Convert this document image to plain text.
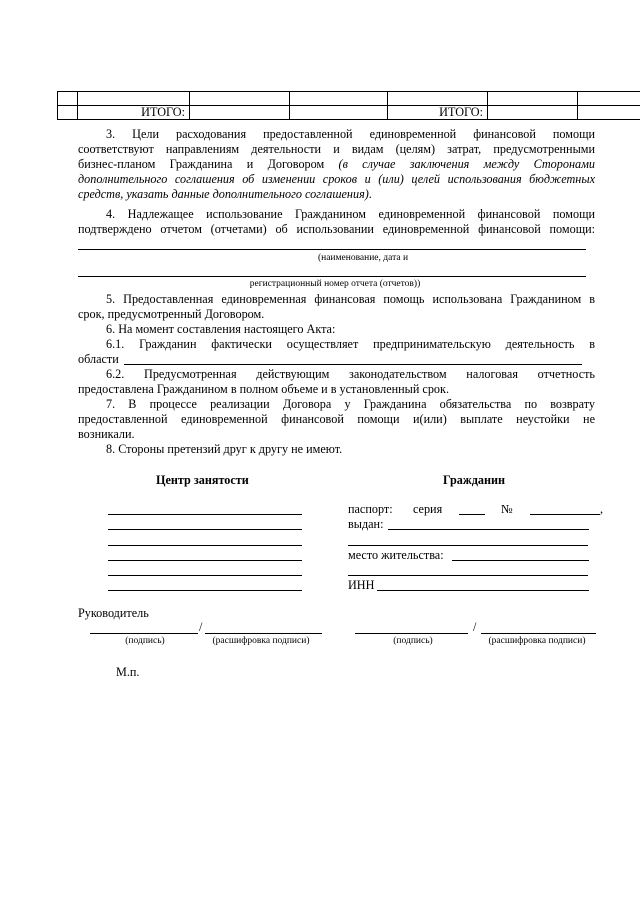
	ИТОГО:			ИТОГО:		
3. Цели расходования предоставленной единовременной финансовой помощи
соответствуют направлениям деятельности и видам (целям) затрат, предусмотренными
бизнес-планом Гражданина и Договором (в случае заключения между Сторонами
дополнительного соглашения об изменении сроков и (или) целей использования бюджетных
средств, указать данные дополнительного соглашения).
4. Надлежащее использование Гражданином единовременной финансовой помощи
подтверждено отчетом (отчетами) об использовании единовременной финансовой помощи:
(наименование, дата и
регистрационный номер отчета (отчетов))
5. Предоставленная единовременная финансовая помощь использована Гражданином в
срок, предусмотренный Договором.
6. На момент составления настоящего Акта:
6.1. Гражданин фактически осуществляет предпринимательскую деятельность в
области
6.2. Предусмотренная действующим законодательством налоговая отчетность
предоставлена Гражданином в полном объеме и в установленный срок.
7. В процессе реализации Договора у Гражданина обязательства по возврату
предоставленной единовременной финансовой помощи и(или) выплате неустойки не
возникали.
8. Стороны претензий друг к другу не имеют.
Центр занятости	Гражданин
паспорт: серия	№	,
выдан:
место жительства:
ИНН
Руководитель
/
(подпись)	(расшифровка подписи)
/
(подпись)	(расшифровка подписи)
М.п.
